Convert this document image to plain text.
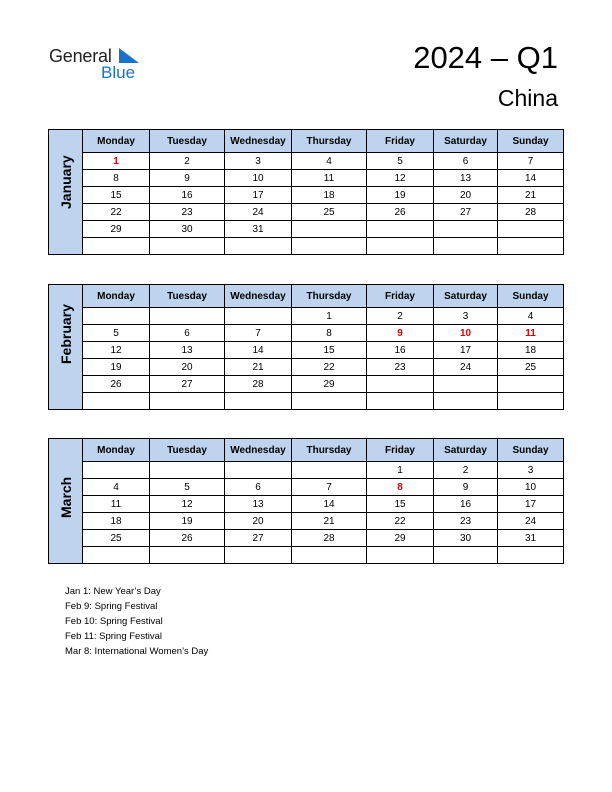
General
Blue	2024 – Q1
China
January	Monday	Tuesday	Wednesday	Thursday	Friday	Saturday	Sunday
	1	2	3	4	5	6	7
	8	9	10	11	12	13	14
	15	16	17	18	19	20	21
	22	23	24	25	26	27	28
	29	30	31				

February	Monday	Tuesday	Wednesday	Thursday	Friday	Saturday	Sunday
				1	2	3	4
	5	6	7	8	9	10	11
	12	13	14	15	16	17	18
	19	20	21	22	23	24	25
	26	27	28	29			

March	Monday	Tuesday	Wednesday	Thursday	Friday	Saturday	Sunday
					1	2	3
	4	5	6	7	8	9	10
	11	12	13	14	15	16	17
	18	19	20	21	22	23	24
	25	26	27	28	29	30	31

Jan 1: New Year’s Day
Feb 9: Spring Festival
Feb 10: Spring Festival
Feb 11: Spring Festival
Mar 8: International Women’s Day
